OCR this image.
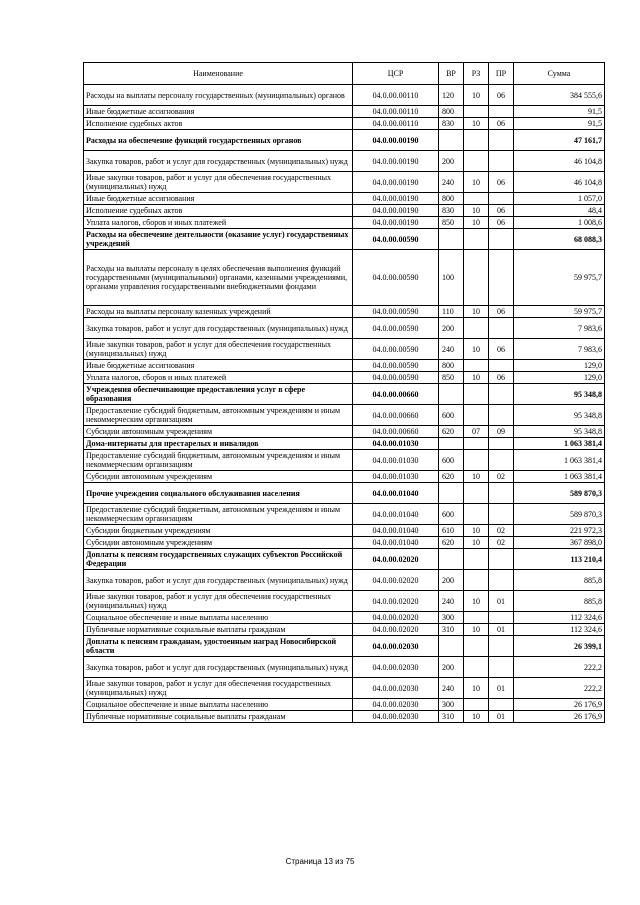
Наименование	ЦСР	ВР	РЗ	ПР	Сумма
Расходы на выплаты персоналу государственных (муниципальных) органов	04.0.00.00110	120	10	06	384 555,6
Иные бюджетные ассигнования	04.0.00.00110	800			91,5
Исполнение судебных актов	04.0.00.00110	830	10	06	91,5
Расходы на обеспечение функций государственных органов	04.0.00.00190				47 161,7
Закупка товаров, работ и услуг для государственных (муниципальных) нужд	04.0.00.00190	200			46 104,8
Иные закупки товаров, работ и услуг для обеспечения государственных (муниципальных) нужд	04.0.00.00190	240	10	06	46 104,8
Иные бюджетные ассигнования	04.0.00.00190	800			1 057,0
Исполнение судебных актов	04.0.00.00190	830	10	06	48,4
Уплата налогов, сборов и иных платежей	04.0.00.00190	850	10	06	1 008,6
Расходы на обеспечение деятельности (оказание услуг) государственных учреждений	04.0.00.00590				68 088,3
Расходы на выплаты персоналу в целях обеспечения выполнения функций государственными (муниципальными) органами, казенными учреждениями, органами управления государственными внебюджетными фондами	04.0.00.00590	100			59 975,7
Расходы на выплаты персоналу казенных учреждений	04.0.00.00590	110	10	06	59 975,7
Закупка товаров, работ и услуг для государственных (муниципальных) нужд	04.0.00.00590	200			7 983,6
Иные закупки товаров, работ и услуг для обеспечения государственных (муниципальных) нужд	04.0.00.00590	240	10	06	7 983,6
Иные бюджетные ассигнования	04.0.00.00590	800			129,0
Уплата налогов, сборов и иных платежей	04.0.00.00590	850	10	06	129,0
Учреждения обеспечивающие предоставления услуг в сфере образования	04.0.00.00660				95 348,8
Предоставление субсидий бюджетным, автономным учреждениям и иным некоммерческим организациям	04.0.00.00660	600			95 348,8
Субсидии автономным учреждениям	04.0.00.00660	620	07	09	95 348,8
Дома-интернаты для престарелых и инвалидов	04.0.00.01030				1 063 381,4
Предоставление субсидий бюджетным, автономным учреждениям и иным некоммерческим организациям	04.0.00.01030	600			1 063 381,4
Субсидии автономным учреждениям	04.0.00.01030	620	10	02	1 063 381,4
Прочие учреждения социального обслуживания населения	04.0.00.01040				589 870,3
Предоставление субсидий бюджетным, автономным учреждениям и иным некоммерческим организациям	04.0.00.01040	600			589 870,3
Субсидии бюджетным учреждениям	04.0.00.01040	610	10	02	221 972,3
Субсидии автономным учреждениям	04.0.00.01040	620	10	02	367 898,0
Доплаты к пенсиям государственных служащих субъектов Российской Федерации	04.0.00.02020				113 210,4
Закупка товаров, работ и услуг для государственных (муниципальных) нужд	04.0.00.02020	200			885,8
Иные закупки товаров, работ и услуг для обеспечения государственных (муниципальных) нужд	04.0.00.02020	240	10	01	885,8
Социальное обеспечение и иные выплаты населению	04.0.00.02020	300			112 324,6
Публичные нормативные социальные выплаты гражданам	04.0.00.02020	310	10	01	112 324,6
Доплаты к пенсиям гражданам, удостоенным наград Новосибирской области	04.0.00.02030				26 399,1
Закупка товаров, работ и услуг для государственных (муниципальных) нужд	04.0.00.02030	200			222,2
Иные закупки товаров, работ и услуг для обеспечения государственных (муниципальных) нужд	04.0.00.02030	240	10	01	222,2
Социальное обеспечение и иные выплаты населению	04.0.00.02030	300			26 176,9
Публичные нормативные социальные выплаты гражданам	04.0.00.02030	310	10	01	26 176,9
Страница 13 из 75
